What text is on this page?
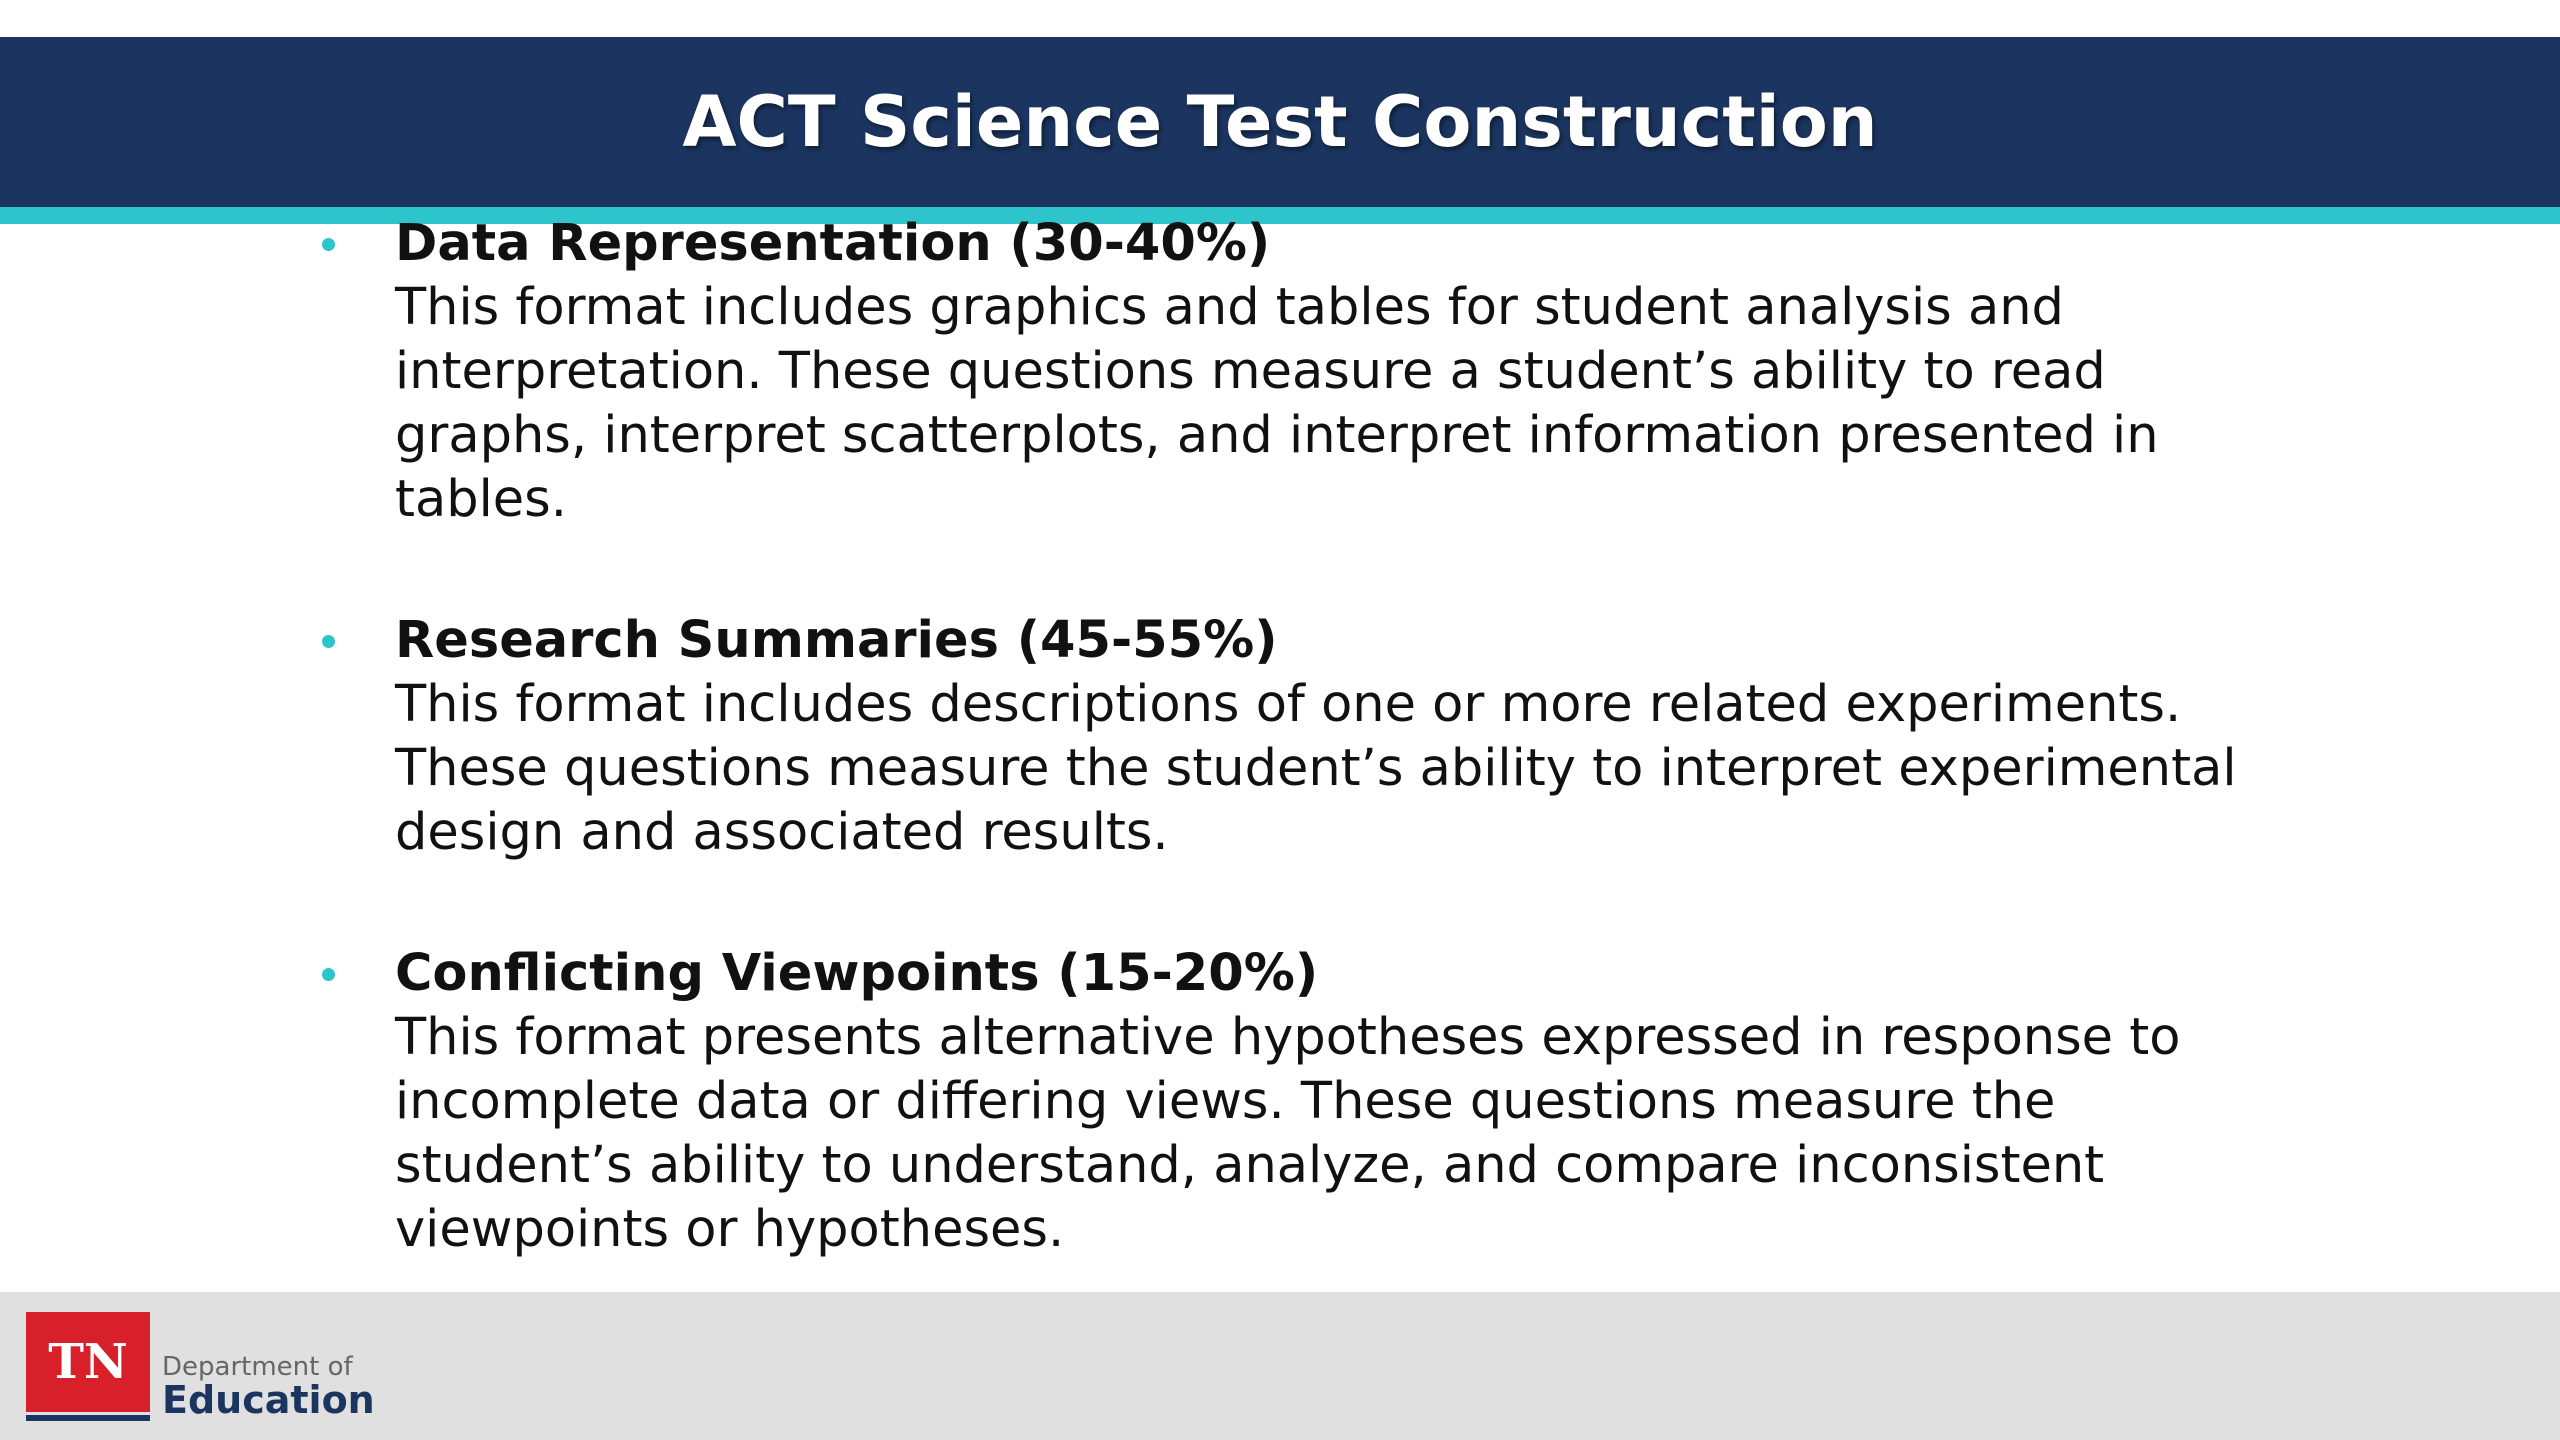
ACT Science Test Construction
Data Representation (30-40%)
This format includes graphics and tables for student analysis and
interpretation. These questions measure a student’s ability to read
graphs, interpret scatterplots, and interpret information presented in
tables.
Research Summaries (45-55%)
This format includes descriptions of one or more related experiments.
These questions measure the student’s ability to interpret experimental
design and associated results.
Conflicting Viewpoints (15-20%)
This format presents alternative hypotheses expressed in response to
incomplete data or differing views. These questions measure the
student’s ability to understand, analyze, and compare inconsistent
viewpoints or hypotheses.
TN Department of
Education
